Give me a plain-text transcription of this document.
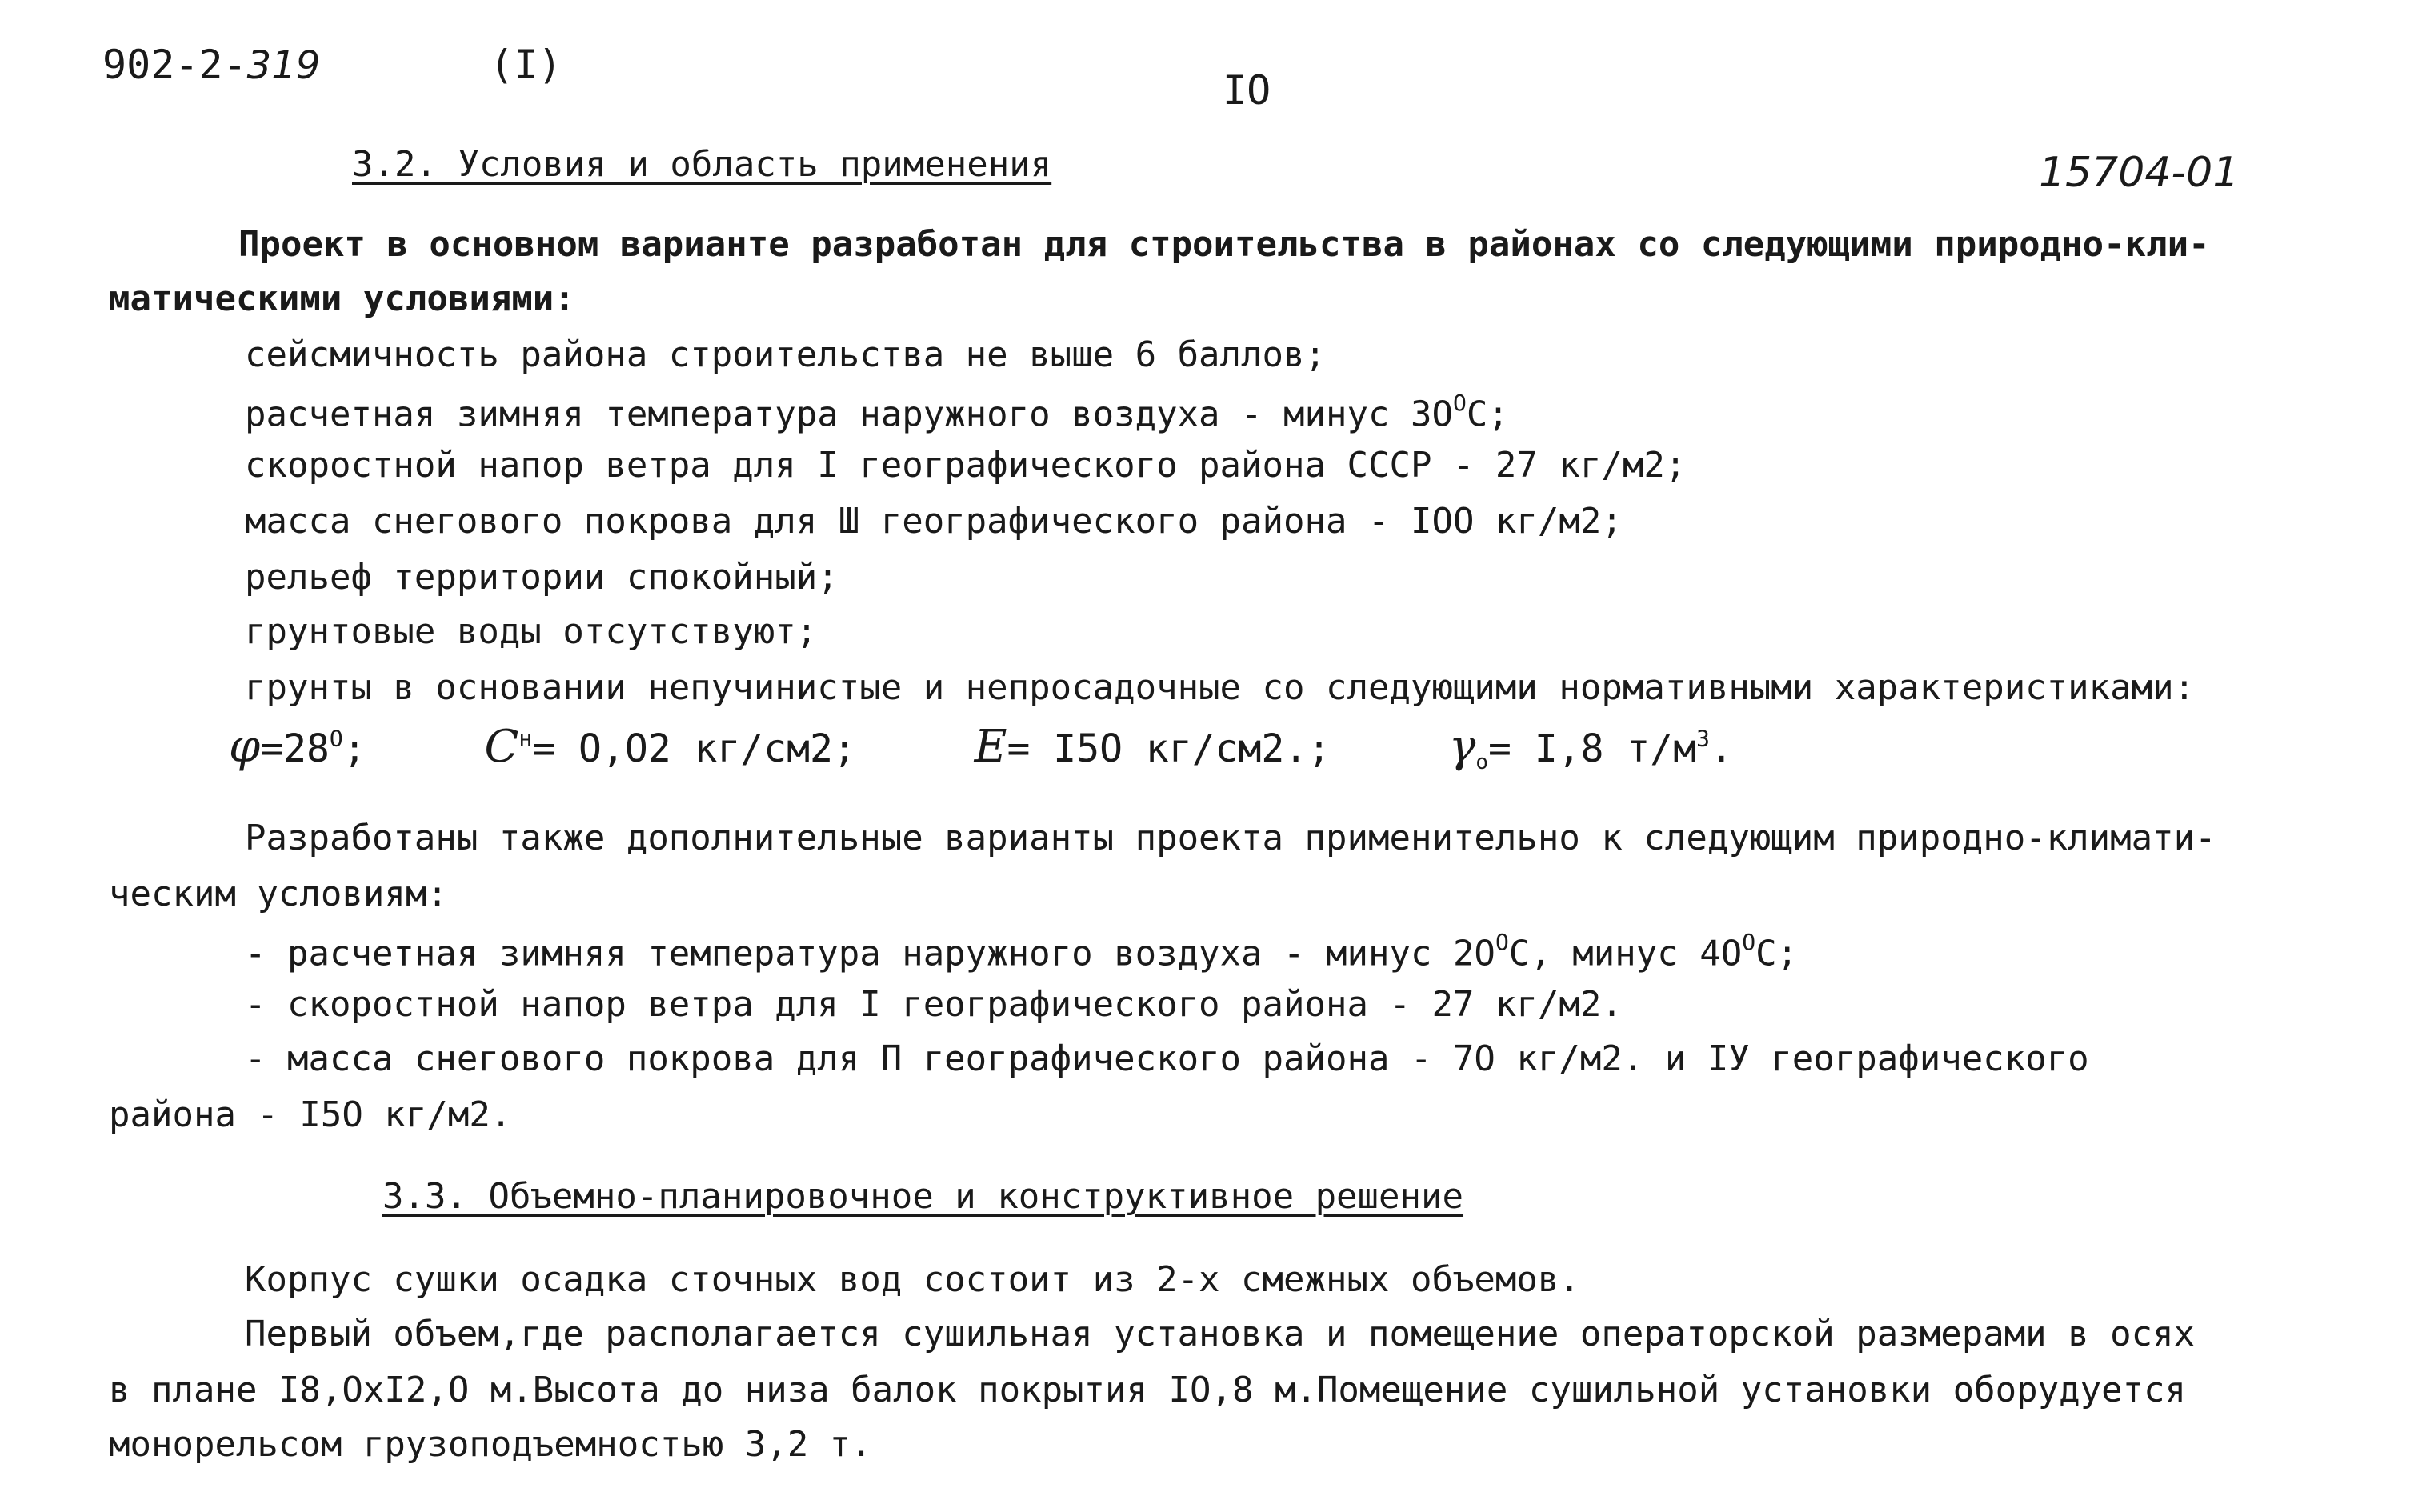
902-2-319	(I)
IO
15704-01
3.2. Условия и область применения
Проект в основном варианте разработан для строительства в районах со следующими природно-кли-
матическими условиями:
сейсмичность района строительства не выше 6 баллов;
расчетная зимняя температура наружного воздуха - минус $3O^OС$;
скоростной напор ветра для I географического района СССР - 27 кг/м2;
масса снегового покрова для Ш географического района - IOO кг/м2;
рельеф территории спокойный;
грунтовые воды отсутствуют;
грунты в основании непучинистые и непросадочные со следующими нормативными характеристиками:
$\varphi=28^O$;	$C^н= O,O2$ кг/см2;	E= I5O кг/см2.;	$\gamma_o= I,8$ $т/м^3$.
Разработаны также дополнительные варианты проекта применительно к следующим природно-климати-
ческим условиям:
- расчетная зимняя температура наружного воздуха - минус $2O^OС$, минус $4O^OС$;
- скоростной напор ветра для I географического района - 27 кг/м2.
- масса снегового покрова для П географического района - 7O кг/м2. и IУ географического
района - I5O кг/м2.
3.3. Объемно-планировочное и конструктивное решение
Корпус сушки осадка сточных вод состоит из 2-х смежных объемов.
Первый объем,где располагается сушильная установка и помещение операторской размерами в осях
в плане I8,OxI2,O м.Высота до низа балок покрытия IO,8 м.Помещение сушильной установки оборудуется
монорельсом грузоподъемностью 3,2 т.
